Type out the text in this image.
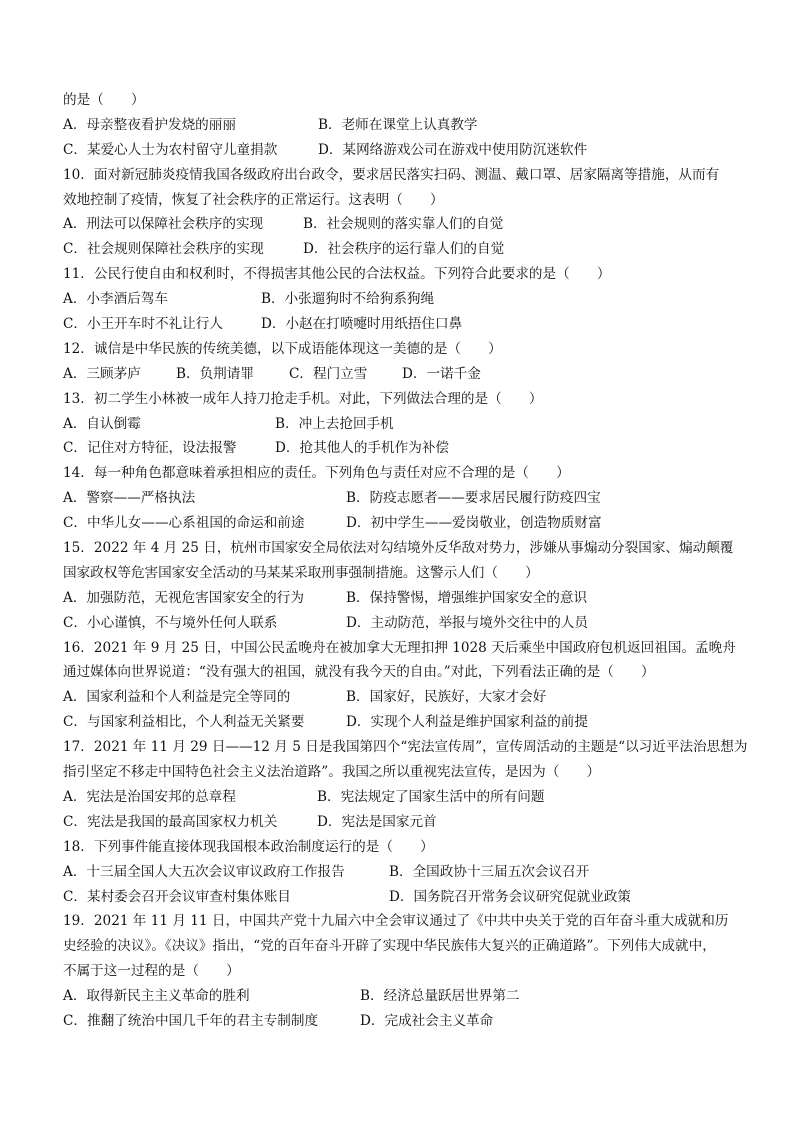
的是（　　）
A．母亲整夜看护发烧的丽丽	B．老师在课堂上认真教学
C．某爱心人士为农村留守儿童捐款	D．某网络游戏公司在游戏中使用防沉迷软件
10．面对新冠肺炎疫情我国各级政府出台政令，要求居民落实扫码、测温、戴口罩、居家隔离等措施，从而有
效地控制了疫情，恢复了社会秩序的正常运行。这表明（　　）
A．刑法可以保障社会秩序的实现	B．社会规则的落实靠人们的自觉
C．社会规则保障社会秩序的实现	D．社会秩序的运行靠人们的自觉
11．公民行使自由和权利时，不得损害其他公民的合法权益。下列符合此要求的是（　　）
A．小李酒后驾车	B．小张遛狗时不给狗系狗绳
C．小王开车时不礼让行人	D．小赵在打喷嚏时用纸捂住口鼻
12．诚信是中华民族的传统美德，以下成语能体现这一美德的是（　　）
A．三顾茅庐	B．负荆请罪	C．程门立雪	D．一诺千金
13．初二学生小林被一成年人持刀抢走手机。对此，下列做法合理的是（　　）
A．自认倒霉	B．冲上去抢回手机
C．记住对方特征，设法报警	D．抢其他人的手机作为补偿
14．每一种角色都意味着承担相应的责任。下列角色与责任对应不合理的是（　　）
A．警察——严格执法	B．防疫志愿者——要求居民履行防疫四宝
C．中华儿女——心系祖国的命运和前途	D．初中学生——爱岗敬业，创造物质财富
15．2022 年 4 月 25 日，杭州市国家安全局依法对勾结境外反华敌对势力，涉嫌从事煽动分裂国家、煽动颠覆
国家政权等危害国家安全活动的马某某采取刑事强制措施。这警示人们（　　）
A．加强防范，无视危害国家安全的行为	B．保持警惕，增强维护国家安全的意识
C．小心谨慎，不与境外任何人联系	D．主动防范，举报与境外交往中的人员
16．2021 年 9 月 25 日，中国公民孟晚舟在被加拿大无理扣押 1028 天后乘坐中国政府包机返回祖国。孟晚舟
通过媒体向世界说道：“没有强大的祖国，就没有我今天的自由。”对此，下列看法正确的是（　　）
A．国家利益和个人利益是完全等同的	B．国家好，民族好，大家才会好
C．与国家利益相比，个人利益无关紧要	D．实现个人利益是维护国家利益的前提
17．2021 年 11 月 29 日——12 月 5 日是我国第四个“宪法宣传周”，宣传周活动的主题是“以习近平法治思想为
指引坚定不移走中国特色社会主义法治道路”。我国之所以重视宪法宣传，是因为（　　）
A．宪法是治国安邦的总章程	B．宪法规定了国家生活中的所有问题
C．宪法是我国的最高国家权力机关	D．宪法是国家元首
18．下列事件能直接体现我国根本政治制度运行的是（　　）
A．十三届全国人大五次会议审议政府工作报告	B．全国政协十三届五次会议召开
C．某村委会召开会议审查村集体账目	D．国务院召开常务会议研究促就业政策
19．2021 年 11 月 11 日，中国共产党十九届六中全会审议通过了《中共中央关于党的百年奋斗重大成就和历
史经验的决议》。《决议》指出，“党的百年奋斗开辟了实现中华民族伟大复兴的正确道路”。下列伟大成就中，
不属于这一过程的是（　　）
A．取得新民主主义革命的胜利	B．经济总量跃居世界第二
C．推翻了统治中国几千年的君主专制制度	D．完成社会主义革命
